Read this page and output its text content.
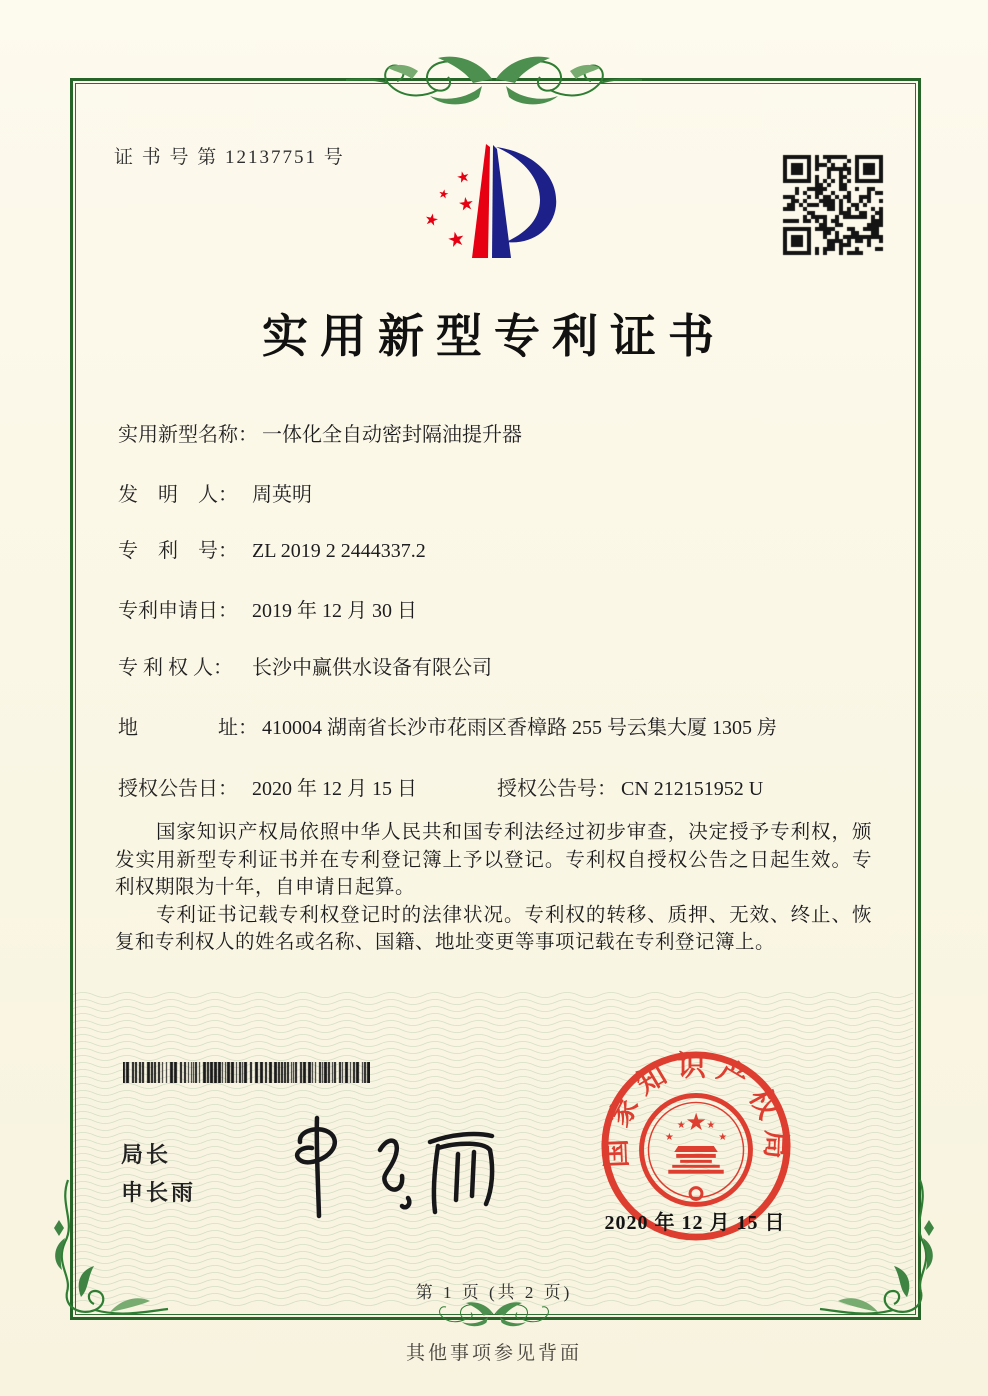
证 书 号 第 12137751 号
★
★ ★
★
★
实用新型专利证书
实用新型名称： 一体化全自动密封隔油提升器
发　明　人： 周英明
专　利　号： ZL 2019 2 2444337.2
专利申请日： 2019 年 12 月 30 日
专 利 权 人： 长沙中赢供水设备有限公司
地　　　　址： 410004 湖南省长沙市花雨区香樟路 255 号云集大厦 1305 房
授权公告日： 2020 年 12 月 15 日	授权公告号： CN 212151952 U

国家知识产权局依照中华人民共和国专利法经过初步审查，决定授予专利权，颁发实用新型专利证书并在专利登记簿上予以登记。专利权自授权公告之日起生效。专利权期限为十年，自申请日起算。

专利证书记载专利权登记时的法律状况。专利权的转移、质押、无效、终止、恢复和专利权人的姓名或名称、国籍、地址变更等事项记载在专利登记簿上。

局长
申长雨
国家知识产权局
★
★
★ ★
★
2020 年 12 月 15 日
第 1 页 (共 2 页)
其他事项参见背面
